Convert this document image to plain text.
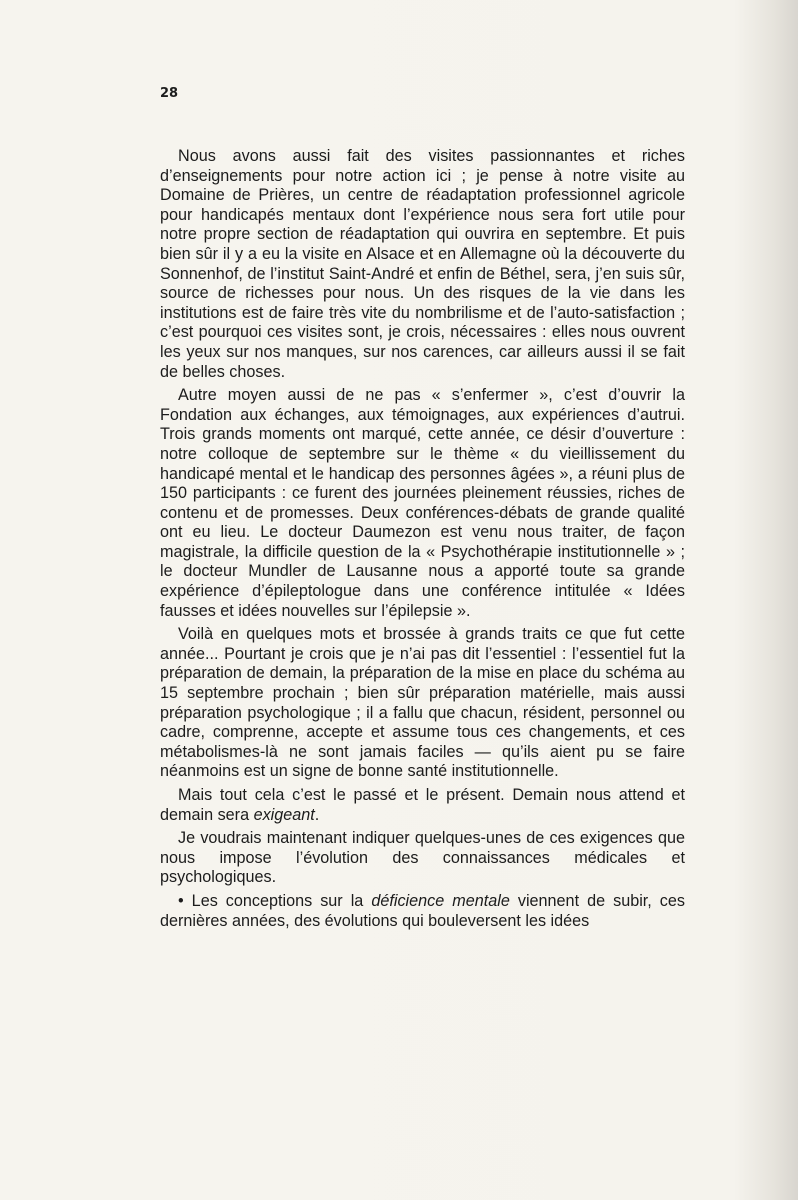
28

Nous avons aussi fait des visites passionnantes et riches d’enseignements pour notre action ici ; je pense à notre visite au Domaine de Prières, un centre de réadaptation professionnel agricole pour handicapés mentaux dont l’expérience nous sera fort utile pour notre propre section de réadaptation qui ouvrira en septembre. Et puis bien sûr il y a eu la visite en Alsace et en Allemagne où la découverte du Sonnenhof, de l’institut Saint-André et enfin de Béthel, sera, j’en suis sûr, source de richesses pour nous. Un des risques de la vie dans les institutions est de faire très vite du nombrilisme et de l’auto-satisfaction ; c’est pourquoi ces visites sont, je crois, nécessaires : elles nous ouvrent les yeux sur nos manques, sur nos carences, car ailleurs aussi il se fait de belles choses.

Autre moyen aussi de ne pas « s’enfermer », c’est d’ouvrir la Fondation aux échanges, aux témoignages, aux expériences d’autrui. Trois grands moments ont marqué, cette année, ce désir d’ouverture : notre colloque de septembre sur le thème « du vieillissement du handicapé mental et le handicap des personnes âgées », a réuni plus de 150 participants : ce furent des journées pleinement réussies, riches de contenu et de promesses. Deux conférences-débats de grande qualité ont eu lieu. Le docteur Daumezon est venu nous traiter, de façon magistrale, la difficile question de la « Psychothérapie institutionnelle » ; le docteur Mundler de Lausanne nous a apporté toute sa grande expérience d’épileptologue dans une conférence intitulée « Idées fausses et idées nouvelles sur l’épilepsie ».

Voilà en quelques mots et brossée à grands traits ce que fut cette année... Pourtant je crois que je n’ai pas dit l’essentiel : l’essentiel fut la préparation de demain, la préparation de la mise en place du schéma au 15 septembre prochain ; bien sûr préparation matérielle, mais aussi préparation psychologique ; il a fallu que chacun, résident, personnel ou cadre, comprenne, accepte et assume tous ces changements, et ces métabolismes-là ne sont jamais faciles — qu’ils aient pu se faire néanmoins est un signe de bonne santé institutionnelle.

Mais tout cela c’est le passé et le présent. Demain nous attend et demain sera exigeant.

Je voudrais maintenant indiquer quelques-unes de ces exigences que nous impose l’évolution des connaissances médicales et psychologiques.

• Les conceptions sur la déficience mentale viennent de subir, ces dernières années, des évolutions qui bouleversent les idées
